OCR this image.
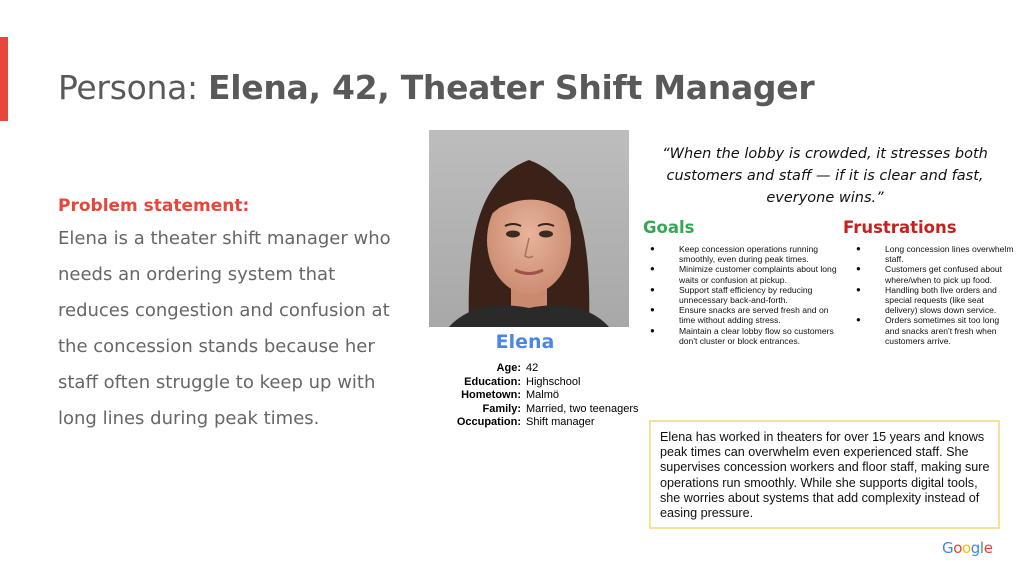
Persona: Elena, 42, Theater Shift Manager
Problem statement:

Elena is a theater shift manager who needs an ordering system that reduces congestion and confusion at the concession stands because her staff often struggle to keep up with long lines during peak times.

Elena
Age: 42
Education: Highschool
Hometown: Malmö
Family: Married, two teenagers
Occupation: Shift manager

“When the lobby is crowded, it stresses both customers and staff — if it is clear and fast, everyone wins.”

Goals
●	Keep concession operations running smoothly, even during peak times.
●	Minimize customer complaints about long waits or confusion at pickup.
●	Support staff efficiency by reducing unnecessary back-and-forth.
●	Ensure snacks are served fresh and on time without adding stress.
●	Maintain a clear lobby flow so customers don't cluster or block entrances.
Frustrations
●	Long concession lines overwhelm staff.
●	Customers get confused about where/when to pick up food.
●	Handling both live orders and special requests (like seat delivery) slows down service.
●	Orders sometimes sit too long and snacks aren't fresh when customers arrive.
Elena has worked in theaters for over 15 years and knows peak times can overwhelm even experienced staff. She supervises concession workers and floor staff, making sure operations run smoothly. While she supports digital tools, she worries about systems that add complexity instead of easing pressure.
Google
